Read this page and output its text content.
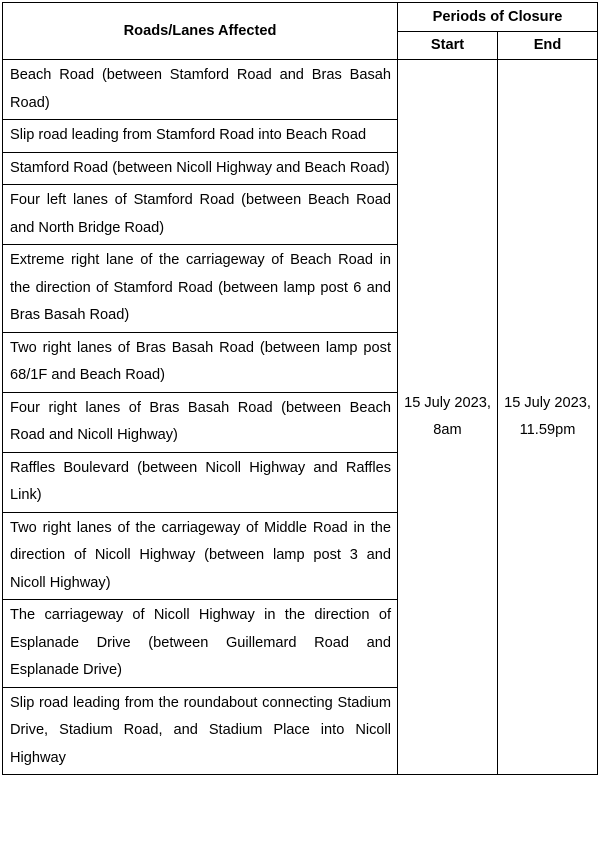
Roads/Lanes Affected	Periods of Closure	
	Start	End
Beach Road (between Stamford Road and Bras Basah Road)	15 July 2023, 8am	15 July 2023, 11.59pm
Slip road leading from Stamford Road into Beach Road		
Stamford Road (between Nicoll Highway and Beach Road)		
Four left lanes of Stamford Road (between Beach Road and North Bridge Road)		
Extreme right lane of the carriageway of Beach Road in the direction of Stamford Road (between lamp post 6 and Bras Basah Road)		
Two right lanes of Bras Basah Road (between lamp post 68/1F and Beach Road)		
Four right lanes of Bras Basah Road (between Beach Road and Nicoll Highway)		
Raffles Boulevard (between Nicoll Highway and Raffles Link)		
Two right lanes of the carriageway of Middle Road in the direction of Nicoll Highway (between lamp post 3 and Nicoll Highway)		
The carriageway of Nicoll Highway in the direction of Esplanade Drive (between Guillemard Road and Esplanade Drive)		
Slip road leading from the roundabout connecting Stadium Drive, Stadium Road, and Stadium Place into Nicoll Highway		
